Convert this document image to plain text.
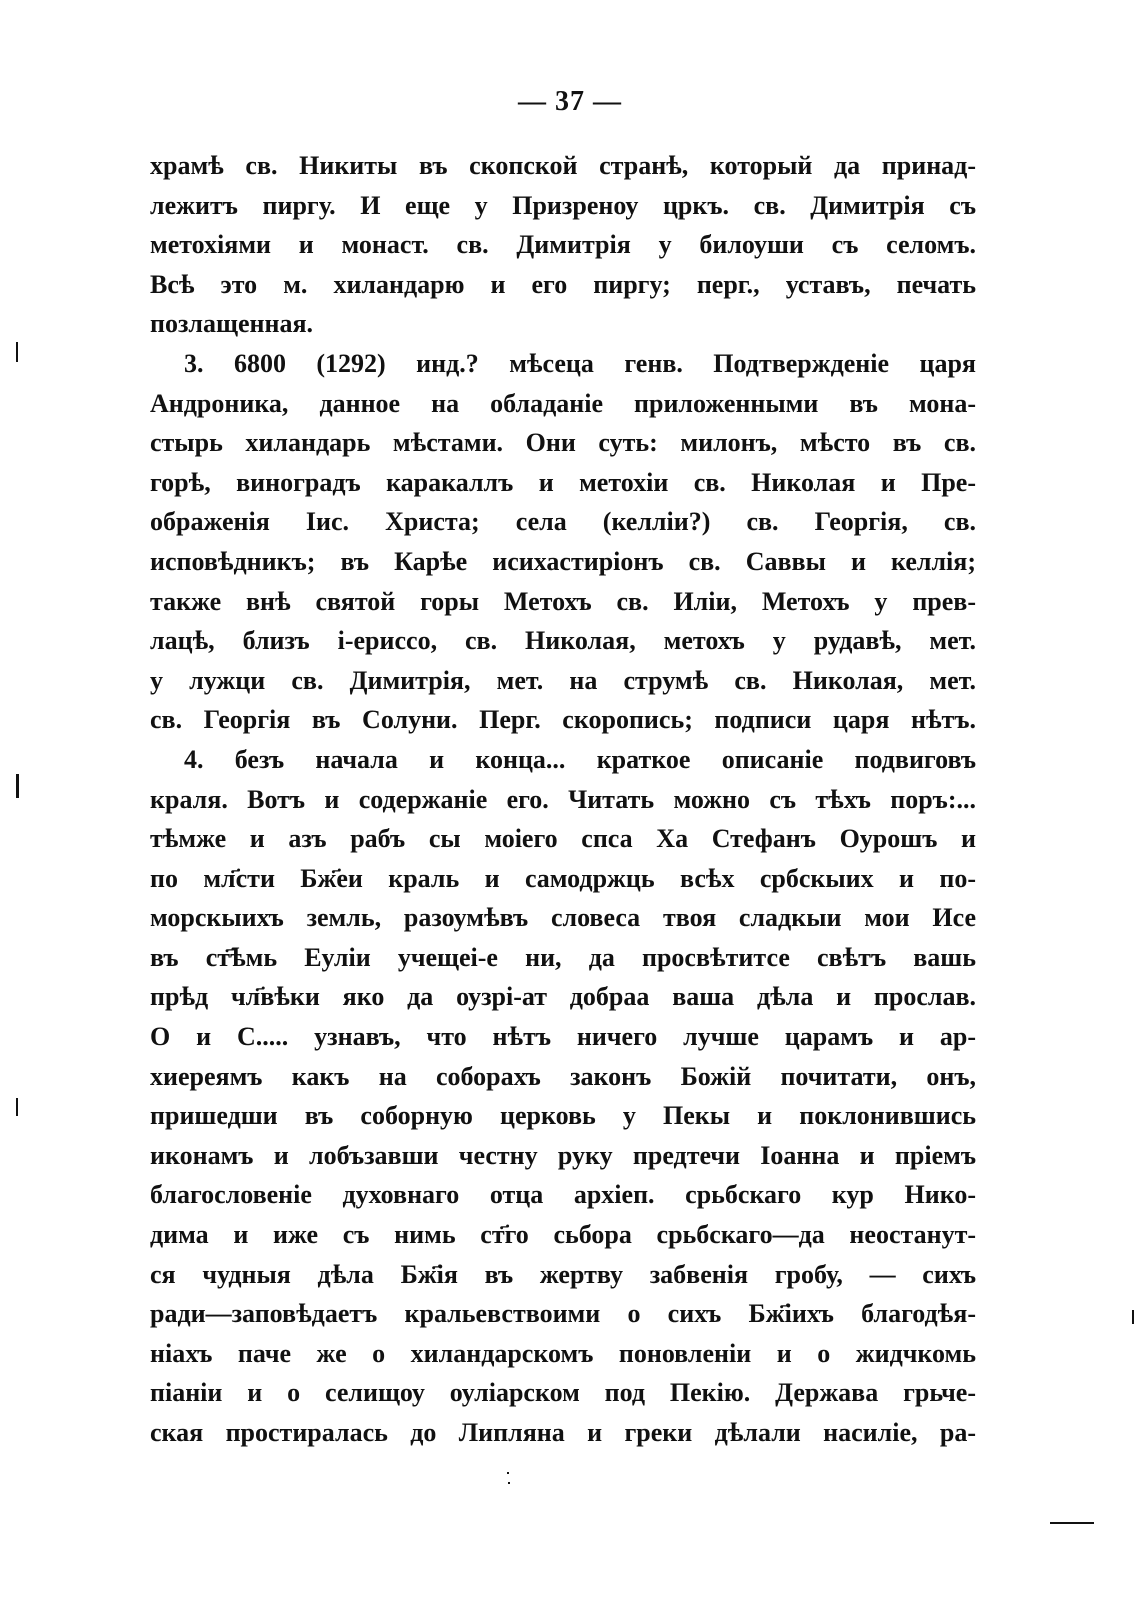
— 37 —
храмѣ св. Никиты въ скопской странѣ, который да принад-
лежитъ пиргу. И еще у Призреноу цркъ. св. Димитрія съ
метохіями и монаст. св. Димитрія у билоуши съ селомъ.
Всѣ это м. хиландарю и его пиргу; перг., уставъ, печать
позлащенная.
3. 6800 (1292) инд.? мѣсеца генв. Подтвержденіе царя
Андроника, данное на обладаніе приложенными въ мона-
стырь хиландарь мѣстами. Они суть: милонъ, мѣсто въ св.
горѣ, виноградъ каракаллъ и метохіи св. Николая и Пре-
ображенія Іис. Христа; села (келліи?) св. Георгія, св.
исповѣдникъ; въ Карѣе исихастиріонъ св. Саввы и келлія;
также внѣ святой горы Метохъ св. Иліи, Метохъ у прев-
лацѣ, близъ і-ериссо, св. Николая, метохъ у рудавѣ, мет.
у лужци св. Димитрія, мет. на струмѣ св. Николая, мет.
св. Георгія въ Солуни. Перг. скоропись; подписи царя нѣтъ.
4. безъ начала и конца... краткое описаніе подвиговъ
краля. Вотъ и содержаніе его. Читать можно съ тѣхъ поръ:...
тѣмже и азъ рабъ сы моіего спса Ха Стефанъ Оурошъ и
по мл҃сти Бж҃еи краль и самодржць всѣх србскыих и по-
морскыихъ земль, разоумѣвъ словеса твоя сладкыи мои Исе
въ ст҃ѣмь Еуліи учещеі-е ни, да просвѣтитсе свѣтъ вашь
прѣд чл҃вѣки яко да оузрі-ат добраа ваша дѣла и прослав.
О и С..... узнавъ, что нѣтъ ничего лучше царамъ и ар-
хиереямъ какъ на соборахъ законъ Божій почитати, онъ,
пришедши въ соборную церковь у Пекы и поклонившись
иконамъ и лобъзавши честну руку предтечи Іоанна и пріемъ
благословеніе духовнаго отца архіеп. срьбскаго кур Нико-
дима и иже съ нимь ст҃го сьбора срьбскаго—да неостанут-
ся чудныя дѣла Бж҃ія въ жертву забвенія гробу, — сихъ
ради—заповѣдаетъ кральевствоими о сихъ Бж҃іихъ благодѣя-
ніахъ паче же о хиландарскомъ поновленіи и о жидчкомь
піаніи и о селищоу оуліарском под Пекію. Держава грьче-
ская простиралась до Липляна и греки дѣлали насиліе, ра-
